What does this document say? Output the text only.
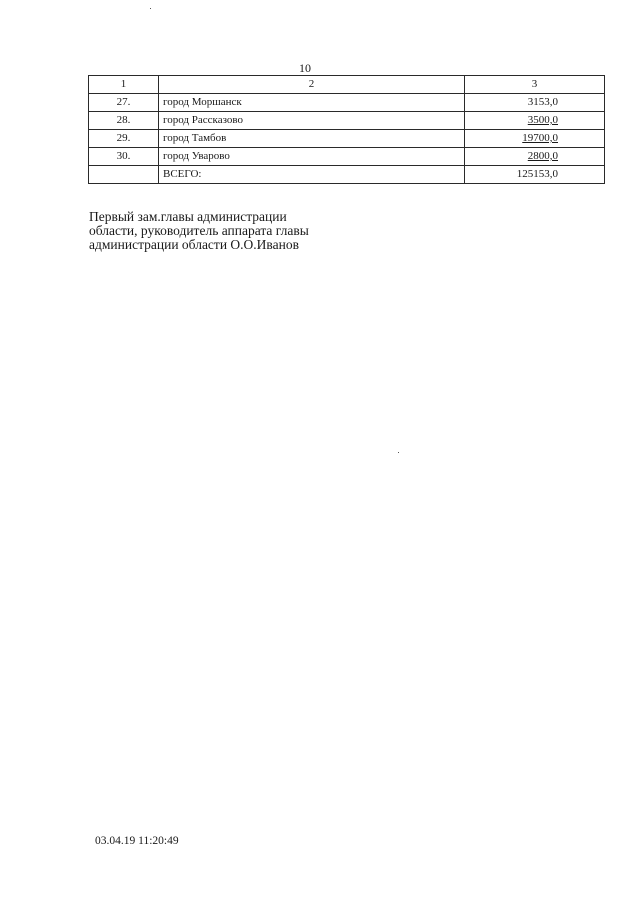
10
1	2	3
27.	город Моршанск	3153,0
28.	город Рассказово	3500,0
29.	город Тамбов	19700,0
30.	город Уварово	2800,0
	ВСЕГО:	125153,0
Первый зам.главы администрации
области, руководитель аппарата главы
администрации области О.О.Иванов
03.04.19 11:20:49
